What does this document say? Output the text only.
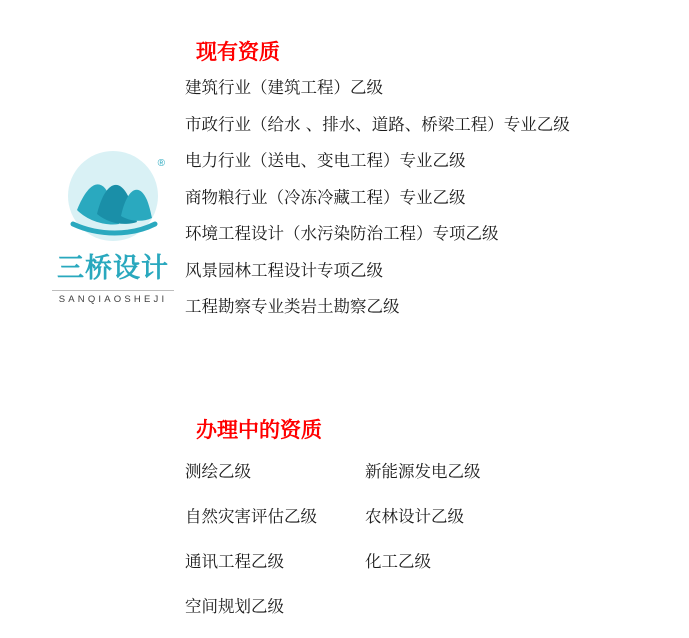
®
三桥设计
SANQIAOSHEJI
现有资质
建筑行业（建筑工程）乙级
市政行业（给水 、排水、道路、桥梁工程）专业乙级
电力行业（送电、变电工程）专业乙级
商物粮行业（冷冻冷藏工程）专业乙级
环境工程设计（水污染防治工程）专项乙级
风景园林工程设计专项乙级
工程勘察专业类岩土勘察乙级
办理中的资质
测绘乙级	新能源发电乙级
自然灾害评估乙级	农林设计乙级
通讯工程乙级	化工乙级
空间规划乙级
